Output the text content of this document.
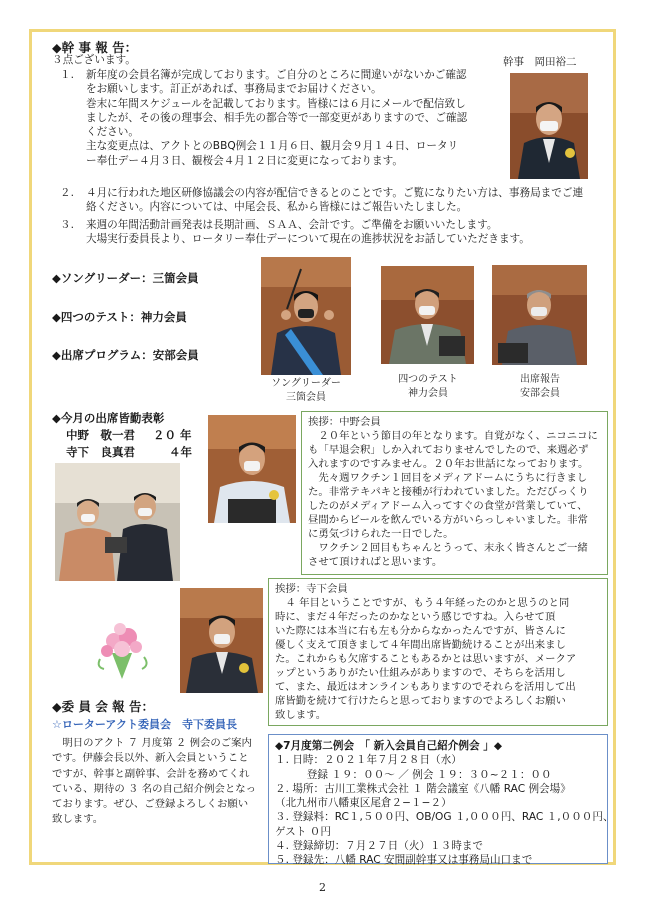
◆幹 事 報 告：
幹事　岡田裕二
３点ございます。
１. 新年度の会員名簿が完成しております。ご自分のところに間違いがないかご確認
をお願いします。訂正があれば、事務局までお届けください。
巻末に年間スケジュールを記載しております。皆様には６月にメールで配信致し
ましたが、その後の理事会、相手先の都合等で一部変更がありますので、ご確認
ください。
主な変更点は、アクトとのBBQ例会１１月６日、観月会９月１４日、ロータリ
ー奉仕デー４月３日、観桜会４月１２日に変更になっております。
２. ４月に行われた地区研修協議会の内容が配信できるとのことです。ご覧になりたい方は、事務局までご連
絡ください。内容については、中尾会長、私から皆様にはご報告いたしました。
３. 来週の年間活動計画発表は長期計画、ＳＡＡ、会計です。ご準備をお願いいたします。
大場実行委員長より、ロータリー奉仕デーについて現在の進捗状況をお話していただきます。
◆ソングリーダー：三箇会員
◆四つのテスト：神力会員
◆出席プログラム：安部会員
ソングリーダー
三箇会員
四つのテスト
神力会員
出席報告
安部会員
◆今月の出席皆勤表彰
中野　敬一君 ２０ 年
寺下　良真君	４年
挨拶：中野会員
　２０年という節目の年となります。自覚がなく、ニコニコに
も「早退会釈」しか入れておりませんでしたので、来週必ず
入れますのですみません。２０年お世話になっております。
　先々週ワクチン１回目をメディアドームにうちに行きまし
た。非常テキパキと接種が行われていました。ただびっくり
したのがメディアドーム入ってすぐの食堂が営業していて、
昼間からビールを飲んでいる方がいらっしゃいました。非常
に勇気づけられた一日でした。
　ワクチン２回目もちゃんとうって、末永く皆さんとご一緒
させて頂ければと思います。
挨拶：寺下会員
　４ 年目ということですが、もう４年経ったのかと思うのと同
時に、まだ４年だったのかなという感じですね。入らせて頂
いた際には本当に右も左も分からなかったんですが、皆さんに
優しく支えて頂きまして４年間出席皆勤続けることが出来まし
た。これからも欠席することもあるかとは思いますが、メークア
ップというありがたい仕組みがありますので、そちらを活用し
て、また、最近はオンラインもありますのでそれらを活用して出
席皆勤を続けて行けたらと思っておりますのでよろしくお願い
致します。
◆委 員 会 報 告：
☆ローターアクト委員会　寺下委員長
　明日のアクト ７ 月度第 ２ 例会のご案内
です。伊藤会長以外、新入会員ということ
ですが、幹事と副幹事、会計を務めてくれ
ている、期待の ３ 名の自己紹介例会となっ
ております。ぜひ、ご登録よろしくお願い
致します。
◆7月度第二例会　「 新入会員自己紹介例会 」◆
１. 日時：２０２１年７月２８日（水）
　　　登録 １９：００～ ／ 例会 １９：３０~２１：００
２. 場所：古川工業株式会社 １ 階会議室《八幡 RAC 例会場》
（北九州市八幡東区尾倉２−１−２）
３. 登録料：RC１,５００円、OB/OG １,０００円、RAC １,０００円、
ゲスト ０円
４. 登録締切：７月２７日（火）１３時まで
５. 登録先：八幡 RAC 安間副幹事又は事務局山口まで
2
